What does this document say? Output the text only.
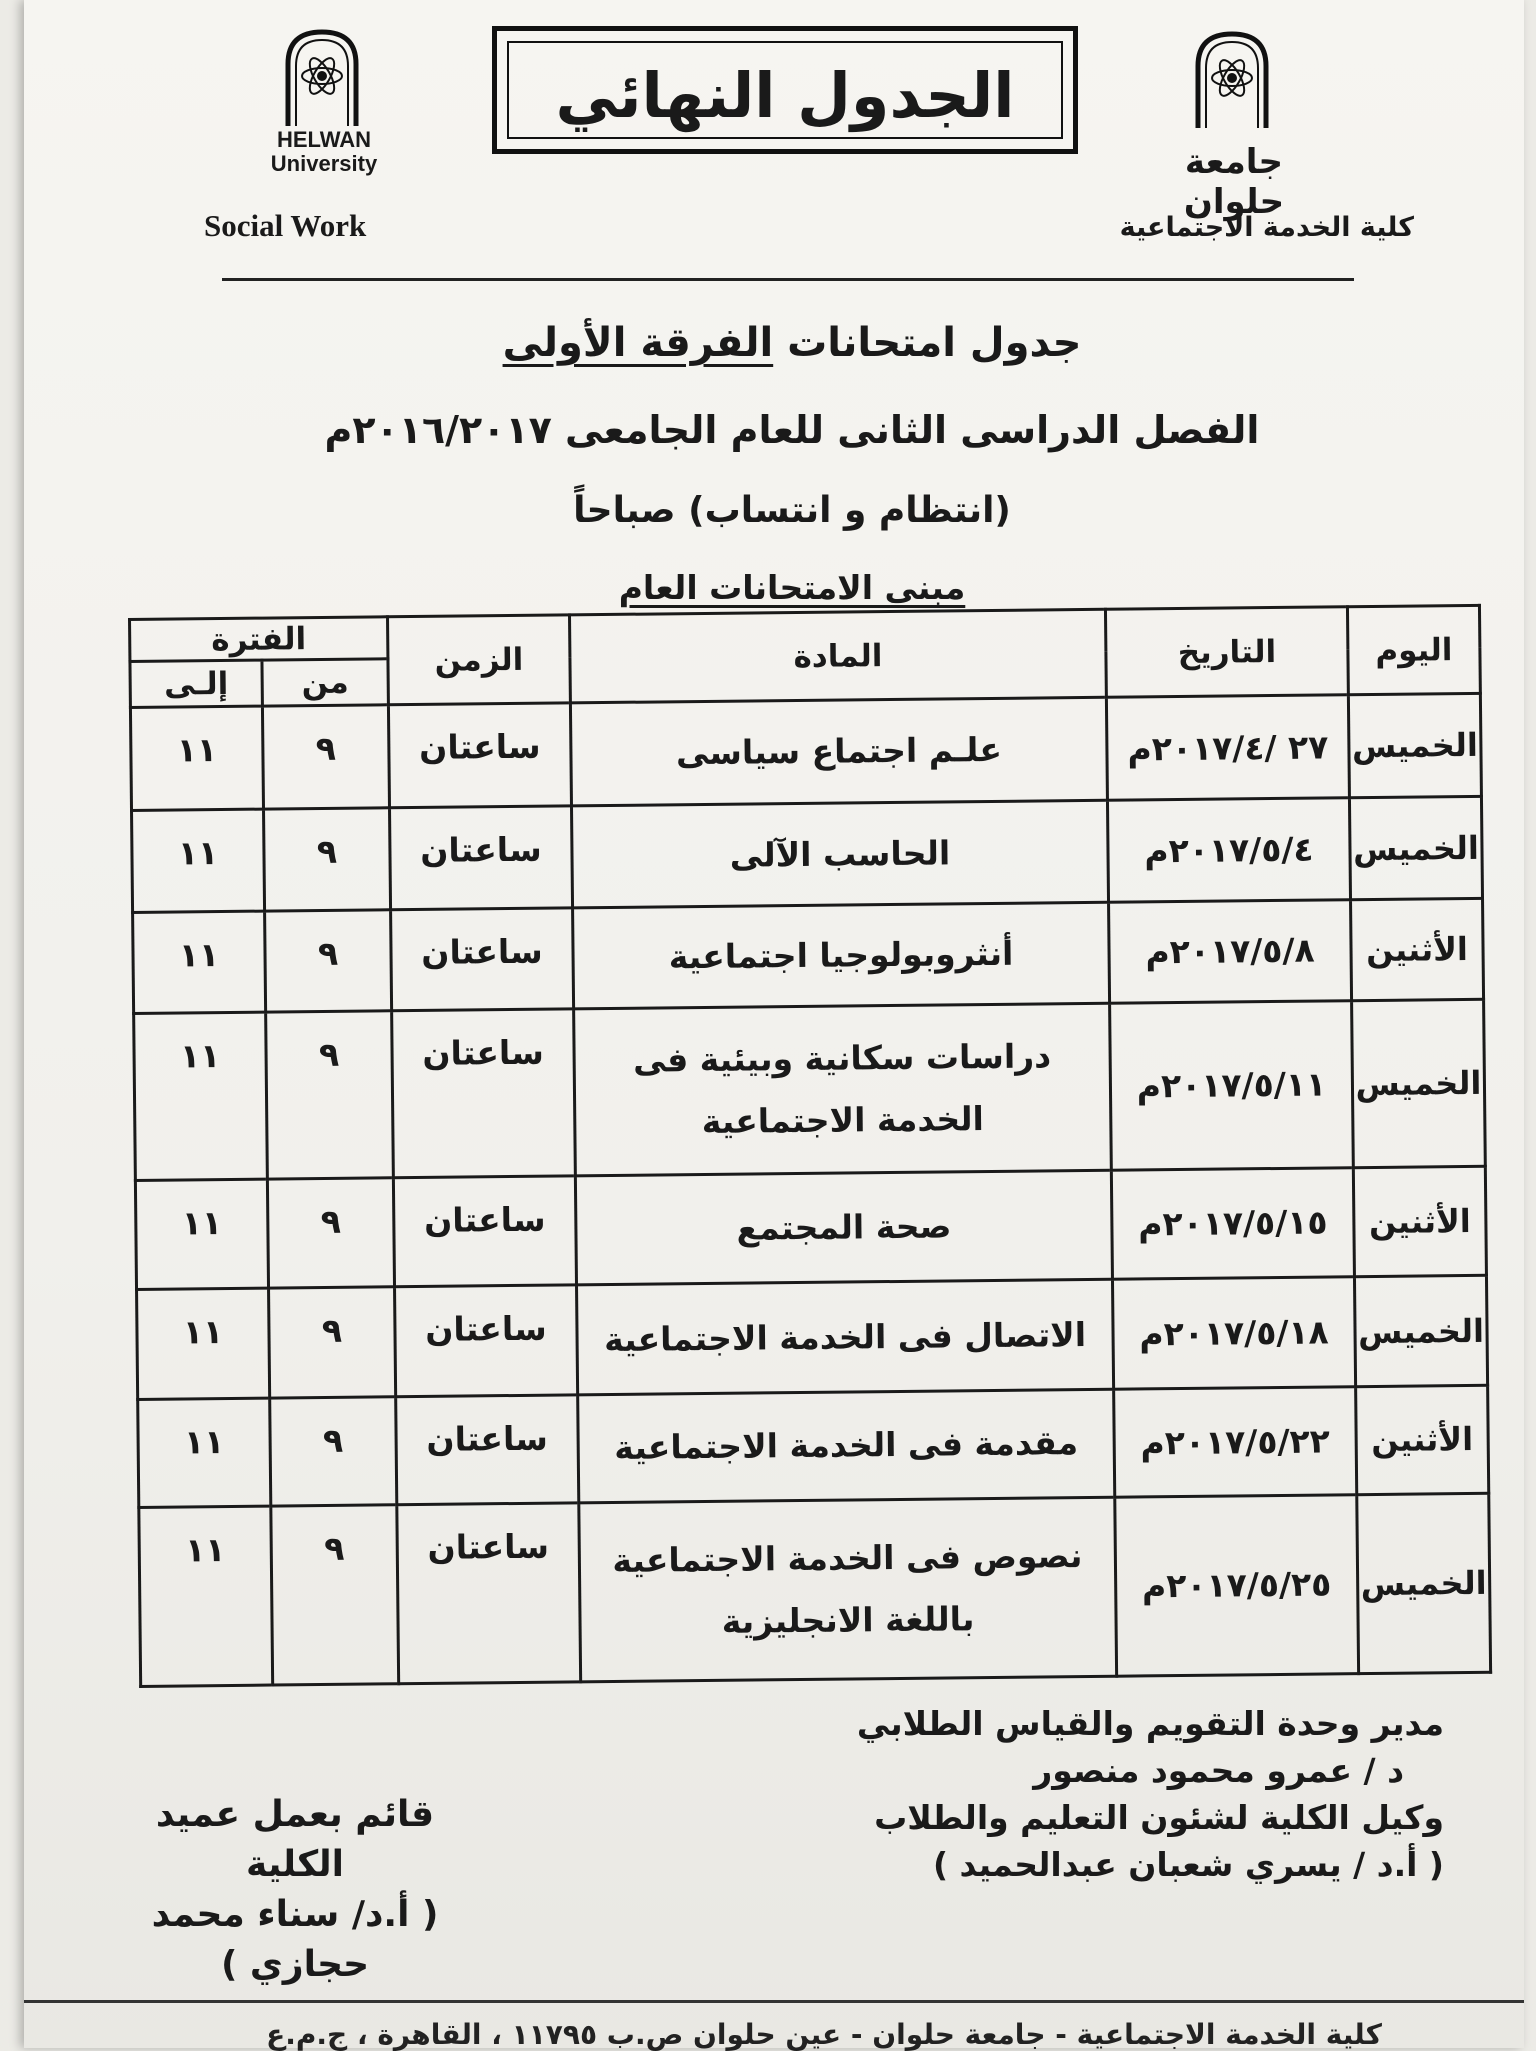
HELWAN
University
Social Work
الجدول النهائي
جامعة حلوان
كلية الخدمة الاجتماعية
جدول امتحانات الفرقة الأولى
الفصل الدراسى الثانى للعام الجامعى ٢٠١٦/٢٠١٧م
(انتظام و انتساب) صباحاً
مبنى الامتحانات العام
اليوم	التاريخ	المادة	الزمن	الفترة	
				من	إلـى
الخميس	٢٧ /٢٠١٧/٤م	علـم اجتماع سياسى	ساعتان	٩	١١
الخميس	٢٠١٧/٥/٤م	الحاسب الآلى	ساعتان	٩	١١
الأثنين	٢٠١٧/٥/٨م	أنثروبولوجيا اجتماعية	ساعتان	٩	١١
الخميس	٢٠١٧/٥/١١م	دراسات سكانية وبيئية فى الخدمة الاجتماعية	ساعتان	٩	١١
الأثنين	٢٠١٧/٥/١٥م	صحة المجتمع	ساعتان	٩	١١
الخميس	٢٠١٧/٥/١٨م	الاتصال فى الخدمة الاجتماعية	ساعتان	٩	١١
الأثنين	٢٠١٧/٥/٢٢م	مقدمة فى الخدمة الاجتماعية	ساعتان	٩	١١
الخميس	٢٠١٧/٥/٢٥م	نصوص فى الخدمة الاجتماعية باللغة الانجليزية	ساعتان	٩	١١
مدير وحدة التقويم والقياس الطلابي
د / عمرو محمود منصور
وكيل الكلية لشئون التعليم والطلاب
( أ.د / يسري شعبان عبدالحميد )
قائم بعمل عميد الكلية
( أ.د/ سناء محمد حجازي )
كلية الخدمة الاجتماعية - جامعة حلوان - عين حلوان ص.ب ١١٧٩٥ ، القاهرة ، ج.م.ع
